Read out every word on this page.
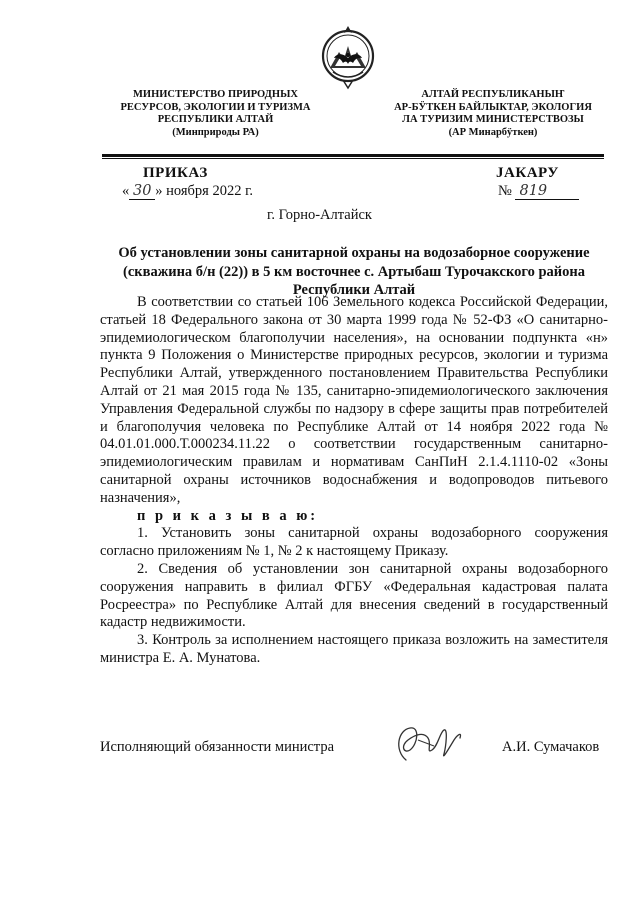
МИНИСТЕРСТВО ПРИРОДНЫХ
РЕСУРСОВ, ЭКОЛОГИИ И ТУРИЗМА
РЕСПУБЛИКИ АЛТАЙ
(Минприроды РА)
АЛТАЙ РЕСПУБЛИКАНЫҤ
АР-БӰТКЕН БАЙЛЫКТАР, ЭКОЛОГИЯ
ЛА ТУРИЗИМ МИНИСТЕРСТВОЗЫ
(АР Минарбӱткен)
ПРИКАЗ	ЈАКАРУ
« 30 » ноября 2022 г.	№ 819
г. Горно-Алтайск
Об установлении зоны санитарной охраны на водозаборное сооружение (скважина б/н (22)) в 5 км восточнее с. Артыбаш Турочакского района Республики Алтай

В соответствии со статьей 106 Земельного кодекса Российской Федерации, статьей 18 Федерального закона от 30 марта 1999 года № 52-ФЗ «О санитарно-эпидемиологическом благополучии населения», на основании подпункта «н» пункта 9 Положения о Министерстве природных ресурсов, экологии и туризма Республики Алтай, утвержденного постановлением Правительства Республики Алтай от 21 мая 2015 года № 135, санитарно-эпидемиологического заключения Управления Федеральной службы по надзору в сфере защиты прав потребителей и благополучия человека по Республике Алтай от 14 ноября 2022 года № 04.01.01.000.Т.000234.11.22 о соответствии государственным санитарно-эпидемиологическим правилам и нормативам СанПиН 2.1.4.1110-02 «Зоны санитарной охраны источников водоснабжения и водопроводов питьевого назначения»,

п р и к а з ы в а ю:

1. Установить зоны санитарной охраны водозаборного сооружения согласно приложениям № 1, № 2 к настоящему Приказу.

2. Сведения об установлении зон санитарной охраны водозаборного сооружения направить в филиал ФГБУ «Федеральная кадастровая палата Росреестра» по Республике Алтай для внесения сведений в государственный кадастр недвижимости.

3. Контроль за исполнением настоящего приказа возложить на заместителя министра Е. А. Мунатова.

Исполняющий обязанности министра	А.И. Сумачаков
